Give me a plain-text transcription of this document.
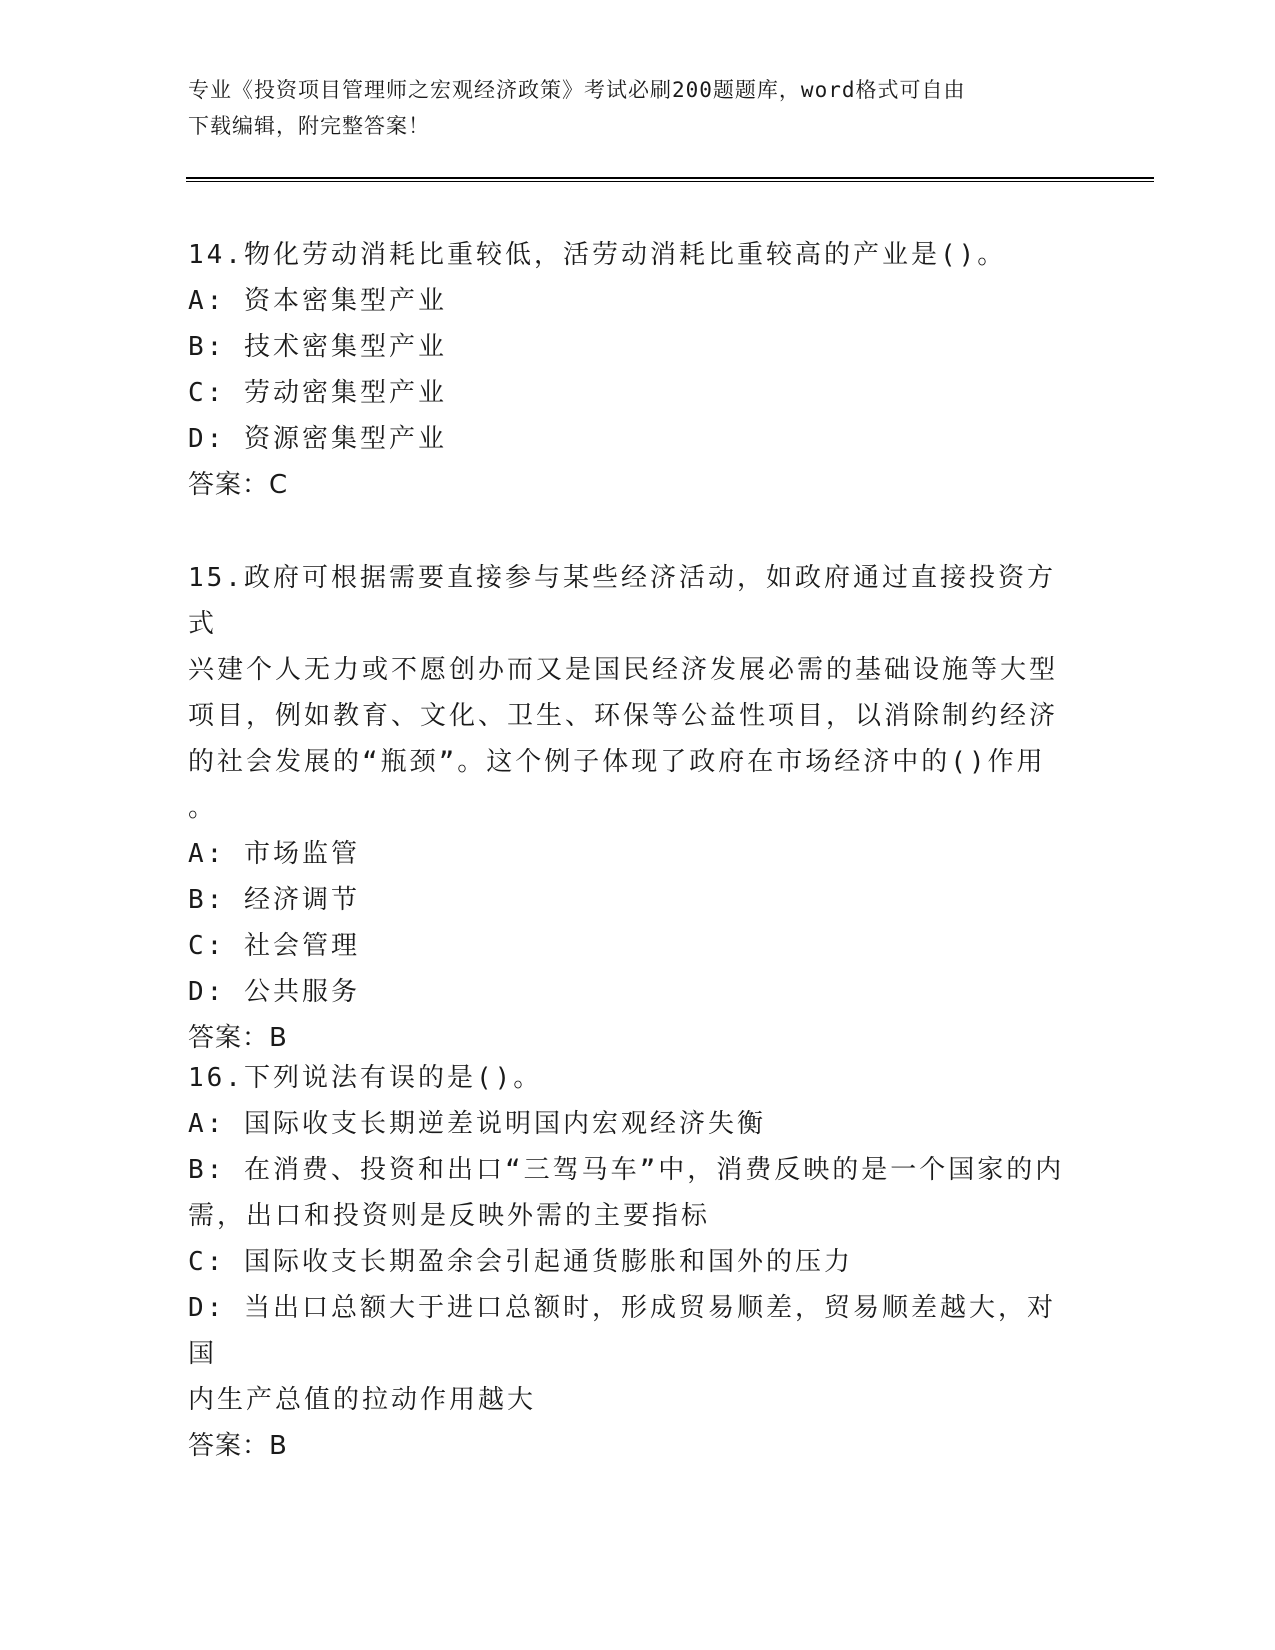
专业《投资项目管理师之宏观经济政策》考试必刷200题题库，word格式可自由
下载编辑，附完整答案！
14.物化劳动消耗比重较低，活劳动消耗比重较高的产业是()。
A: 资本密集型产业
B: 技术密集型产业
C: 劳动密集型产业
D: 资源密集型产业
答案：C
15.政府可根据需要直接参与某些经济活动，如政府通过直接投资方式
兴建个人无力或不愿创办而又是国民经济发展必需的基础设施等大型
项目，例如教育、文化、卫生、环保等公益性项目，以消除制约经济
的社会发展的“瓶颈”。这个例子体现了政府在市场经济中的()作用
。
A: 市场监管
B: 经济调节
C: 社会管理
D: 公共服务
答案：B
16.下列说法有误的是()。
A: 国际收支长期逆差说明国内宏观经济失衡
B: 在消费、投资和出口“三驾马车”中，消费反映的是一个国家的内
需，出口和投资则是反映外需的主要指标
C: 国际收支长期盈余会引起通货膨胀和国外的压力
D: 当出口总额大于进口总额时，形成贸易顺差，贸易顺差越大，对国
内生产总值的拉动作用越大
答案：B
